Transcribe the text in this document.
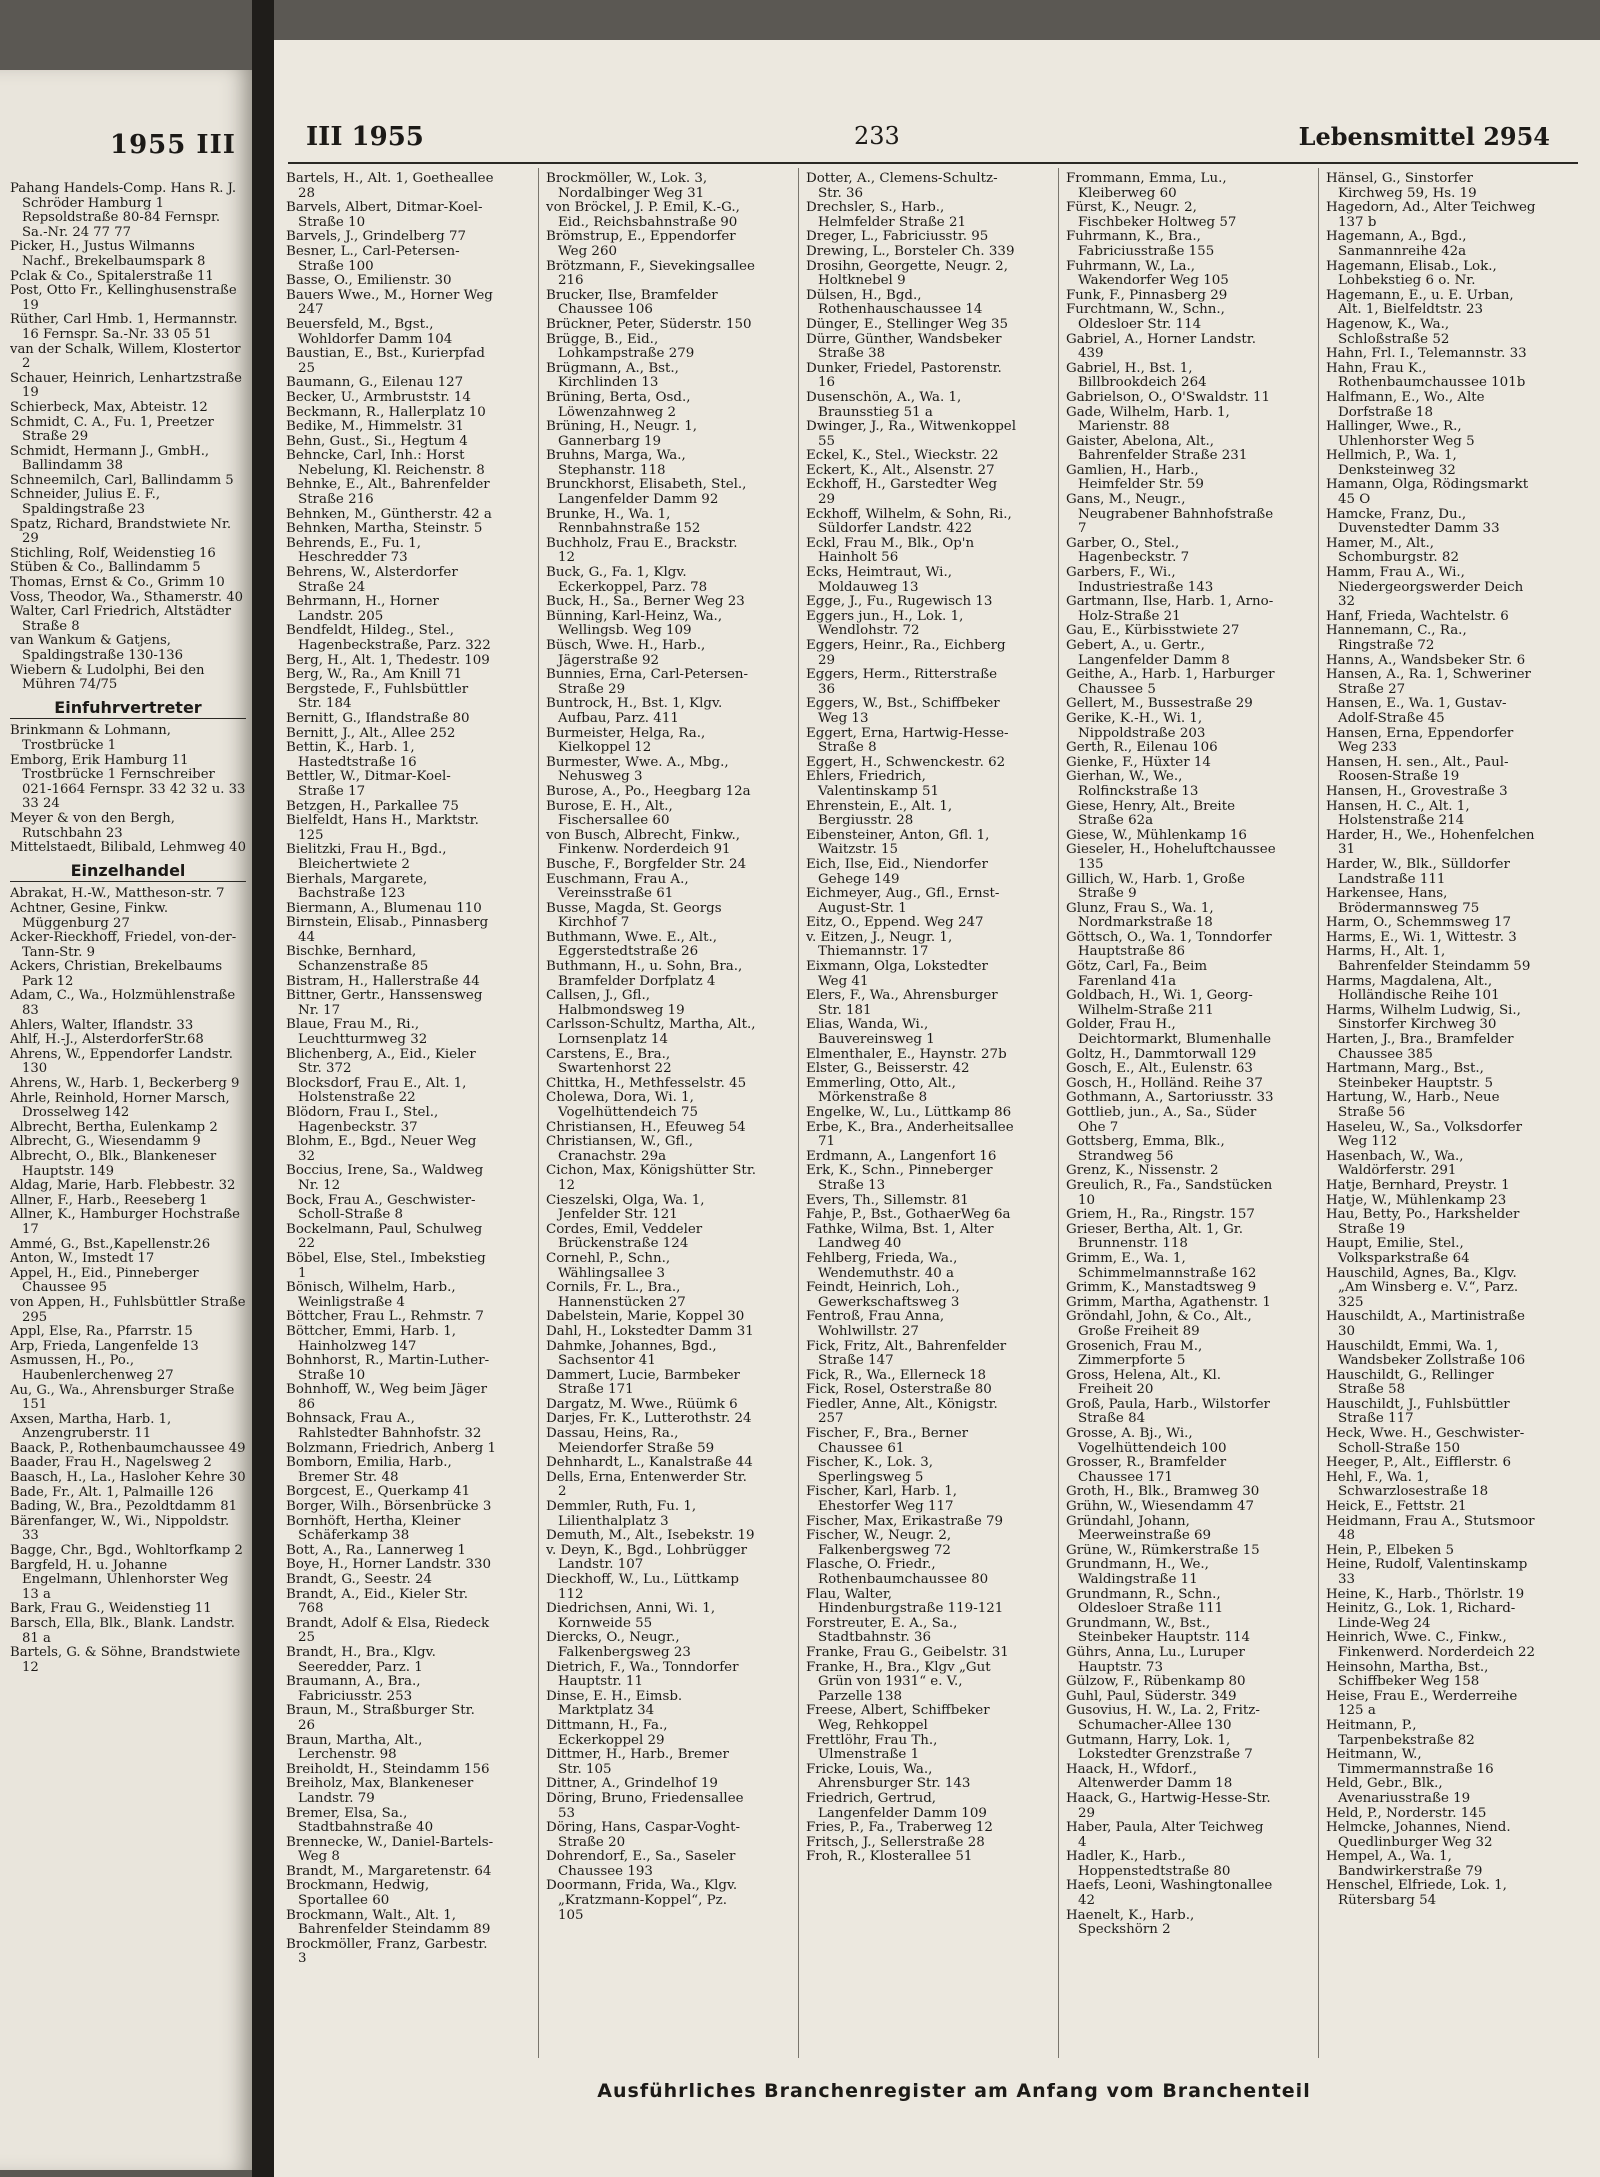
1955 III
Pahang Handels-Comp. Hans R. J. Schröder Hamburg 1 Repsoldstraße 80-84 Fernspr. Sa.-Nr. 24 77 77
Picker, H., Justus Wilmanns Nachf., Brekelbaumspark 8
Pclak & Co., Spitalerstraße 11
Post, Otto Fr., Kellinghusenstraße 19
Rüther, Carl Hmb. 1, Hermannstr. 16 Fernspr. Sa.-Nr. 33 05 51
van der Schalk, Willem, Klostertor 2
Schauer, Heinrich, Lenhartzstraße 19
Schierbeck, Max, Abteistr. 12
Schmidt, C. A., Fu. 1, Preetzer Straße 29
Schmidt, Hermann J., GmbH., Ballindamm 38
Schneemilch, Carl, Ballindamm 5
Schneider, Julius E. F., Spaldingstraße 23
Spatz, Richard, Brandstwiete Nr. 29
Stichling, Rolf, Weidenstieg 16
Stüben & Co., Ballindamm 5
Thomas, Ernst & Co., Grimm 10
Voss, Theodor, Wa., Sthamerstr. 40
Walter, Carl Friedrich, Altstädter Straße 8
van Wankum & Gatjens, Spaldingstraße 130-136
Wiebern & Ludolphi, Bei den Mühren 74/75
Einfuhrvertreter
Brinkmann & Lohmann, Trostbrücke 1
Emborg, Erik Hamburg 11 Trostbrücke 1 Fernschreiber 021-1664 Fernspr. 33 42 32 u. 33 33 24
Meyer & von den Bergh, Rutschbahn 23
Mittelstaedt, Bilibald, Lehmweg 40
Einzelhandel
Abrakat, H.-W., Mattheson-str. 7
Achtner, Gesine, Finkw. Müggenburg 27
Acker-Rieckhoff, Friedel, von-der-Tann-Str. 9
Ackers, Christian, Brekelbaums Park 12
Adam, C., Wa., Holzmühlenstraße 83
Ahlers, Walter, Iflandstr. 33
Ahlf, H.-J., AlsterdorferStr.68
Ahrens, W., Eppendorfer Landstr. 130
Ahrens, W., Harb. 1, Beckerberg 9
Ahrle, Reinhold, Horner Marsch, Drosselweg 142
Albrecht, Bertha, Eulenkamp 2
Albrecht, G., Wiesendamm 9
Albrecht, O., Blk., Blankeneser Hauptstr. 149
Aldag, Marie, Harb. Flebbestr. 32
Allner, F., Harb., Reeseberg 1
Allner, K., Hamburger Hochstraße 17
Ammé, G., Bst.,Kapellenstr.26
Anton, W., Imstedt 17
Appel, H., Eid., Pinneberger Chaussee 95
von Appen, H., Fuhlsbüttler Straße 295
Appl, Else, Ra., Pfarrstr. 15
Arp, Frieda, Langenfelde 13
Asmussen, H., Po., Haubenlerchenweg 27
Au, G., Wa., Ahrensburger Straße 151
Axsen, Martha, Harb. 1, Anzengruberstr. 11
Baack, P., Rothenbaumchaussee 49
Baader, Frau H., Nagelsweg 2
Baasch, H., La., Hasloher Kehre 30
Bade, Fr., Alt. 1, Palmaille 126
Bading, W., Bra., Pezoldtdamm 81
Bärenfanger, W., Wi., Nippoldstr. 33
Bagge, Chr., Bgd., Wohltorfkamp 2
Bargfeld, H. u. Johanne Engelmann, Uhlenhorster Weg 13 a
Bark, Frau G., Weidenstieg 11
Barsch, Ella, Blk., Blank. Landstr. 81 a
Bartels, G. & Söhne, Brandstwiete 12
III 1955	233	Lebensmittel 2954
Bartels, H., Alt. 1, Goetheallee 28
Barvels, Albert, Ditmar-Koel-Straße 10
Barvels, J., Grindelberg 77
Besner, L., Carl-Petersen-Straße 100
Basse, O., Emilienstr. 30
Bauers Wwe., M., Horner Weg 247
Beuersfeld, M., Bgst., Wohldorfer Damm 104
Baustian, E., Bst., Kurierpfad 25
Baumann, G., Eilenau 127
Becker, U., Armbruststr. 14
Beckmann, R., Hallerplatz 10
Bedike, M., Himmelstr. 31
Behn, Gust., Si., Hegtum 4
Behncke, Carl, Inh.: Horst Nebelung, Kl. Reichenstr. 8
Behnke, E., Alt., Bahrenfelder Straße 216
Behnken, M., Güntherstr. 42 a
Behnken, Martha, Steinstr. 5
Behrends, E., Fu. 1, Heschredder 73
Behrens, W., Alsterdorfer Straße 24
Behrmann, H., Horner Landstr. 205
Bendfeldt, Hildeg., Stel., Hagenbeckstraße, Parz. 322
Berg, H., Alt. 1, Thedestr. 109
Berg, W., Ra., Am Knill 71
Bergstede, F., Fuhlsbüttler Str. 184
Bernitt, G., Iflandstraße 80
Bernitt, J., Alt., Allee 252
Bettin, K., Harb. 1, Hastedtstraße 16
Bettler, W., Ditmar-Koel-Straße 17
Betzgen, H., Parkallee 75
Bielfeldt, Hans H., Marktstr. 125
Bielitzki, Frau H., Bgd., Bleichertwiete 2
Bierhals, Margarete, Bachstraße 123
Biermann, A., Blumenau 110
Birnstein, Elisab., Pinnasberg 44
Bischke, Bernhard, Schanzenstraße 85
Bistram, H., Hallerstraße 44
Bittner, Gertr., Hanssensweg Nr. 17
Blaue, Frau M., Ri., Leuchtturmweg 32
Blichenberg, A., Eid., Kieler Str. 372
Blocksdorf, Frau E., Alt. 1, Holstenstraße 22
Blödorn, Frau I., Stel., Hagenbeckstr. 37
Blohm, E., Bgd., Neuer Weg 32
Boccius, Irene, Sa., Waldweg Nr. 12
Bock, Frau A., Geschwister-Scholl-Straße 8
Bockelmann, Paul, Schulweg 22
Böbel, Else, Stel., Imbekstieg 1
Bönisch, Wilhelm, Harb., Weinligstraße 4
Böttcher, Frau L., Rehmstr. 7
Böttcher, Emmi, Harb. 1, Hainholzweg 147
Bohnhorst, R., Martin-Luther-Straße 10
Bohnhoff, W., Weg beim Jäger 86
Bohnsack, Frau A., Rahlstedter Bahnhofstr. 32
Bolzmann, Friedrich, Anberg 1
Bomborn, Emilia, Harb., Bremer Str. 48
Borgcest, E., Querkamp 41
Borger, Wilh., Börsenbrücke 3
Bornhöft, Hertha, Kleiner Schäferkamp 38
Bott, A., Ra., Lannerweg 1
Boye, H., Horner Landstr. 330
Brandt, G., Seestr. 24
Brandt, A., Eid., Kieler Str. 768
Brandt, Adolf & Elsa, Riedeck 25
Brandt, H., Bra., Klgv. Seeredder, Parz. 1
Braumann, A., Bra., Fabriciusstr. 253
Braun, M., Straßburger Str. 26
Braun, Martha, Alt., Lerchenstr. 98
Breiholdt, H., Steindamm 156
Breiholz, Max, Blankeneser Landstr. 79
Bremer, Elsa, Sa., Stadtbahnstraße 40
Brennecke, W., Daniel-Bartels-Weg 8
Brandt, M., Margaretenstr. 64
Brockmann, Hedwig, Sportallee 60
Brockmann, Walt., Alt. 1, Bahrenfelder Steindamm 89
Brockmöller, Franz, Garbestr. 3
Brockmöller, W., Lok. 3, Nordalbinger Weg 31
von Bröckel, J. P. Emil, K.-G., Eid., Reichsbahnstraße 90
Brömstrup, E., Eppendorfer Weg 260
Brötzmann, F., Sievekingsallee 216
Brucker, Ilse, Bramfelder Chaussee 106
Brückner, Peter, Süderstr. 150
Brügge, B., Eid., Lohkampstraße 279
Brügmann, A., Bst., Kirchlinden 13
Brüning, Berta, Osd., Löwenzahnweg 2
Brüning, H., Neugr. 1, Gannerbarg 19
Bruhns, Marga, Wa., Stephanstr. 118
Brunckhorst, Elisabeth, Stel., Langenfelder Damm 92
Brunke, H., Wa. 1, Rennbahnstraße 152
Buchholz, Frau E., Brackstr. 12
Buck, G., Fa. 1, Klgv. Eckerkoppel, Parz. 78
Buck, H., Sa., Berner Weg 23
Bünning, Karl-Heinz, Wa., Wellingsb. Weg 109
Büsch, Wwe. H., Harb., Jägerstraße 92
Bunnies, Erna, Carl-Petersen-Straße 29
Buntrock, H., Bst. 1, Klgv. Aufbau, Parz. 411
Burmeister, Helga, Ra., Kielkoppel 12
Burmester, Wwe. A., Mbg., Nehusweg 3
Burose, A., Po., Heegbarg 12a
Burose, E. H., Alt., Fischersallee 60
von Busch, Albrecht, Finkw., Finkenw. Norderdeich 91
Busche, F., Borgfelder Str. 24
Euschmann, Frau A., Vereinsstraße 61
Busse, Magda, St. Georgs Kirchhof 7
Buthmann, Wwe. E., Alt., Eggerstedtstraße 26
Buthmann, H., u. Sohn, Bra., Bramfelder Dorfplatz 4
Callsen, J., Gfl., Halbmondsweg 19
Carlsson-Schultz, Martha, Alt., Lornsenplatz 14
Carstens, E., Bra., Swartenhorst 22
Chittka, H., Methfesselstr. 45
Cholewa, Dora, Wi. 1, Vogelhüttendeich 75
Christiansen, H., Efeuweg 54
Christiansen, W., Gfl., Cranachstr. 29a
Cichon, Max, Königshütter Str. 12
Cieszelski, Olga, Wa. 1, Jenfelder Str. 121
Cordes, Emil, Veddeler Brückenstraße 124
Cornehl, P., Schn., Wählingsallee 3
Cornils, Fr. L., Bra., Hannenstücken 27
Dabelstein, Marie, Koppel 30
Dahl, H., Lokstedter Damm 31
Dahmke, Johannes, Bgd., Sachsentor 41
Dammert, Lucie, Barmbeker Straße 171
Dargatz, M. Wwe., Rüümk 6
Darjes, Fr. K., Lutterothstr. 24
Dassau, Heins, Ra., Meiendorfer Straße 59
Dehnhardt, L., Kanalstraße 44
Dells, Erna, Entenwerder Str. 2
Demmler, Ruth, Fu. 1, Lilienthalplatz 3
Demuth, M., Alt., Isebekstr. 19
v. Deyn, K., Bgd., Lohbrügger Landstr. 107
Dieckhoff, W., Lu., Lüttkamp 112
Diedrichsen, Anni, Wi. 1, Kornweide 55
Diercks, O., Neugr., Falkenbergsweg 23
Dietrich, F., Wa., Tonndorfer Hauptstr. 11
Dinse, E. H., Eimsb. Marktplatz 34
Dittmann, H., Fa., Eckerkoppel 29
Dittmer, H., Harb., Bremer Str. 105
Dittner, A., Grindelhof 19
Döring, Bruno, Friedensallee 53
Döring, Hans, Caspar-Voght-Straße 20
Dohrendorf, E., Sa., Saseler Chaussee 193
Doormann, Frida, Wa., Klgv. „Kratzmann-Koppel“, Pz. 105
Dotter, A., Clemens-Schultz-Str. 36
Drechsler, S., Harb., Helmfelder Straße 21
Dreger, L., Fabriciusstr. 95
Drewing, L., Borsteler Ch. 339
Drosihn, Georgette, Neugr. 2, Holtknebel 9
Dülsen, H., Bgd., Rothenhauschaussee 14
Dünger, E., Stellinger Weg 35
Dürre, Günther, Wandsbeker Straße 38
Dunker, Friedel, Pastorenstr. 16
Dusenschön, A., Wa. 1, Braunsstieg 51 a
Dwinger, J., Ra., Witwenkoppel 55
Eckel, K., Stel., Wieckstr. 22
Eckert, K., Alt., Alsenstr. 27
Eckhoff, H., Garstedter Weg 29
Eckhoff, Wilhelm, & Sohn, Ri., Süldorfer Landstr. 422
Eckl, Frau M., Blk., Op'n Hainholt 56
Ecks, Heimtraut, Wi., Moldauweg 13
Egge, J., Fu., Rugewisch 13
Eggers jun., H., Lok. 1, Wendlohstr. 72
Eggers, Heinr., Ra., Eichberg 29
Eggers, Herm., Ritterstraße 36
Eggers, W., Bst., Schiffbeker Weg 13
Eggert, Erna, Hartwig-Hesse-Straße 8
Eggert, H., Schwenckestr. 62
Ehlers, Friedrich, Valentinskamp 51
Ehrenstein, E., Alt. 1, Bergiusstr. 28
Eibensteiner, Anton, Gfl. 1, Waitzstr. 15
Eich, Ilse, Eid., Niendorfer Gehege 149
Eichmeyer, Aug., Gfl., Ernst-August-Str. 1
Eitz, O., Eppend. Weg 247
v. Eitzen, J., Neugr. 1, Thiemannstr. 17
Eixmann, Olga, Lokstedter Weg 41
Elers, F., Wa., Ahrensburger Str. 181
Elias, Wanda, Wi., Bauvereinsweg 1
Elmenthaler, E., Haynstr. 27b
Elster, G., Beisserstr. 42
Emmerling, Otto, Alt., Mörkenstraße 8
Engelke, W., Lu., Lüttkamp 86
Erbe, K., Bra., Anderheitsallee 71
Erdmann, A., Langenfort 16
Erk, K., Schn., Pinneberger Straße 13
Evers, Th., Sillemstr. 81
Fahje, P., Bst., GothaerWeg 6a
Fathke, Wilma, Bst. 1, Alter Landweg 40
Fehlberg, Frieda, Wa., Wendemuthstr. 40 a
Feindt, Heinrich, Loh., Gewerkschaftsweg 3
Fentroß, Frau Anna, Wohlwillstr. 27
Fick, Fritz, Alt., Bahrenfelder Straße 147
Fick, R., Wa., Ellerneck 18
Fick, Rosel, Osterstraße 80
Fiedler, Anne, Alt., Königstr. 257
Fischer, F., Bra., Berner Chaussee 61
Fischer, K., Lok. 3, Sperlingsweg 5
Fischer, Karl, Harb. 1, Ehestorfer Weg 117
Fischer, Max, Erikastraße 79
Fischer, W., Neugr. 2, Falkenbergsweg 72
Flasche, O. Friedr., Rothenbaumchaussee 80
Flau, Walter, Hindenburgstraße 119-121
Forstreuter, E. A., Sa., Stadtbahnstr. 36
Franke, Frau G., Geibelstr. 31
Franke, H., Bra., Klgv „Gut Grün von 1931“ e. V., Parzelle 138
Freese, Albert, Schiffbeker Weg, Rehkoppel
Frettlöhr, Frau Th., Ulmenstraße 1
Fricke, Louis, Wa., Ahrensburger Str. 143
Friedrich, Gertrud, Langenfelder Damm 109
Fries, P., Fa., Traberweg 12
Fritsch, J., Sellerstraße 28
Froh, R., Klosterallee 51
Frommann, Emma, Lu., Kleiberweg 60
Fürst, K., Neugr. 2, Fischbeker Holtweg 57
Fuhrmann, K., Bra., Fabriciusstraße 155
Fuhrmann, W., La., Wakendorfer Weg 105
Funk, F., Pinnasberg 29
Furchtmann, W., Schn., Oldesloer Str. 114
Gabriel, A., Horner Landstr. 439
Gabriel, H., Bst. 1, Billbrookdeich 264
Gabrielson, O., O'Swaldstr. 11
Gade, Wilhelm, Harb. 1, Marienstr. 88
Gaister, Abelona, Alt., Bahrenfelder Straße 231
Gamlien, H., Harb., Heimfelder Str. 59
Gans, M., Neugr., Neugrabener Bahnhofstraße 7
Garber, O., Stel., Hagenbeckstr. 7
Garbers, F., Wi., Industriestraße 143
Gartmann, Ilse, Harb. 1, Arno-Holz-Straße 21
Gau, E., Kürbisstwiete 27
Gebert, A., u. Gertr., Langenfelder Damm 8
Geithe, A., Harb. 1, Harburger Chaussee 5
Gellert, M., Bussestraße 29
Gerike, K.-H., Wi. 1, Nippoldstraße 203
Gerth, R., Eilenau 106
Gienke, F., Hüxter 14
Gierhan, W., We., Rolfinckstraße 13
Giese, Henry, Alt., Breite Straße 62a
Giese, W., Mühlenkamp 16
Gieseler, H., Hoheluftchaussee 135
Gillich, W., Harb. 1, Große Straße 9
Glunz, Frau S., Wa. 1, Nordmarkstraße 18
Göttsch, O., Wa. 1, Tonndorfer Hauptstraße 86
Götz, Carl, Fa., Beim Farenland 41a
Goldbach, H., Wi. 1, Georg-Wilhelm-Straße 211
Golder, Frau H., Deichtormarkt, Blumenhalle
Goltz, H., Dammtorwall 129
Gosch, E., Alt., Eulenstr. 63
Gosch, H., Holländ. Reihe 37
Gothmann, A., Sartoriusstr. 33
Gottlieb, jun., A., Sa., Süder Ohe 7
Gottsberg, Emma, Blk., Strandweg 56
Grenz, K., Nissenstr. 2
Greulich, R., Fa., Sandstücken 10
Griem, H., Ra., Ringstr. 157
Grieser, Bertha, Alt. 1, Gr. Brunnenstr. 118
Grimm, E., Wa. 1, Schimmelmannstraße 162
Grimm, K., Manstadtsweg 9
Grimm, Martha, Agathenstr. 1
Gröndahl, John, & Co., Alt., Große Freiheit 89
Grosenich, Frau M., Zimmerpforte 5
Gross, Helena, Alt., Kl. Freiheit 20
Groß, Paula, Harb., Wilstorfer Straße 84
Grosse, A. Bj., Wi., Vogelhüttendeich 100
Grosser, R., Bramfelder Chaussee 171
Groth, H., Blk., Bramweg 30
Grühn, W., Wiesendamm 47
Gründahl, Johann, Meerweinstraße 69
Grüne, W., Rümkerstraße 15
Grundmann, H., We., Waldingstraße 11
Grundmann, R., Schn., Oldesloer Straße 111
Grundmann, W., Bst., Steinbeker Hauptstr. 114
Gührs, Anna, Lu., Luruper Hauptstr. 73
Gülzow, F., Rübenkamp 80
Guhl, Paul, Süderstr. 349
Gusovius, H. W., La. 2, Fritz-Schumacher-Allee 130
Gutmann, Harry, Lok. 1, Lokstedter Grenzstraße 7
Haack, H., Wfdorf., Altenwerder Damm 18
Haack, G., Hartwig-Hesse-Str. 29
Haber, Paula, Alter Teichweg 4
Hadler, K., Harb., Hoppenstedtstraße 80
Haefs, Leoni, Washingtonallee 42
Haenelt, K., Harb., Speckshörn 2
Hänsel, G., Sinstorfer Kirchweg 59, Hs. 19
Hagedorn, Ad., Alter Teichweg 137 b
Hagemann, A., Bgd., Sanmannreihe 42a
Hagemann, Elisab., Lok., Lohbekstieg 6 o. Nr.
Hagemann, E., u. E. Urban, Alt. 1, Bielfeldtstr. 23
Hagenow, K., Wa., Schloßstraße 52
Hahn, Frl. I., Telemannstr. 33
Hahn, Frau K., Rothenbaumchaussee 101b
Halfmann, E., Wo., Alte Dorfstraße 18
Hallinger, Wwe., R., Uhlenhorster Weg 5
Hellmich, P., Wa. 1, Denksteinweg 32
Hamann, Olga, Rödingsmarkt 45 O
Hamcke, Franz, Du., Duvenstedter Damm 33
Hamer, M., Alt., Schomburgstr. 82
Hamm, Frau A., Wi., Niedergeorgswerder Deich 32
Hanf, Frieda, Wachtelstr. 6
Hannemann, C., Ra., Ringstraße 72
Hanns, A., Wandsbeker Str. 6
Hansen, A., Ra. 1, Schweriner Straße 27
Hansen, E., Wa. 1, Gustav-Adolf-Straße 45
Hansen, Erna, Eppendorfer Weg 233
Hansen, H. sen., Alt., Paul-Roosen-Straße 19
Hansen, H., Grovestraße 3
Hansen, H. C., Alt. 1, Holstenstraße 214
Harder, H., We., Hohenfelchen 31
Harder, W., Blk., Sülldorfer Landstraße 111
Harkensee, Hans, Brödermannsweg 75
Harm, O., Schemmsweg 17
Harms, E., Wi. 1, Wittestr. 3
Harms, H., Alt. 1, Bahrenfelder Steindamm 59
Harms, Magdalena, Alt., Holländische Reihe 101
Harms, Wilhelm Ludwig, Si., Sinstorfer Kirchweg 30
Harten, J., Bra., Bramfelder Chaussee 385
Hartmann, Marg., Bst., Steinbeker Hauptstr. 5
Hartung, W., Harb., Neue Straße 56
Haseleu, W., Sa., Volksdorfer Weg 112
Hasenbach, W., Wa., Waldörferstr. 291
Hatje, Bernhard, Preystr. 1
Hatje, W., Mühlenkamp 23
Hau, Betty, Po., Harkshelder Straße 19
Haupt, Emilie, Stel., Volksparkstraße 64
Hauschild, Agnes, Ba., Klgv. „Am Winsberg e. V.“, Parz. 325
Hauschildt, A., Martinistraße 30
Hauschildt, Emmi, Wa. 1, Wandsbeker Zollstraße 106
Hauschildt, G., Rellinger Straße 58
Hauschildt, J., Fuhlsbüttler Straße 117
Heck, Wwe. H., Geschwister-Scholl-Straße 150
Heeger, P., Alt., Eifflerstr. 6
Hehl, F., Wa. 1, Schwarzlosestraße 18
Heick, E., Fettstr. 21
Heidmann, Frau A., Stutsmoor 48
Hein, P., Elbeken 5
Heine, Rudolf, Valentinskamp 33
Heine, K., Harb., Thörlstr. 19
Heinitz, G., Lok. 1, Richard-Linde-Weg 24
Heinrich, Wwe. C., Finkw., Finkenwerd. Norderdeich 22
Heinsohn, Martha, Bst., Schiffbeker Weg 158
Heise, Frau E., Werderreihe 125 a
Heitmann, P., Tarpenbekstraße 82
Heitmann, W., Timmermannstraße 16
Held, Gebr., Blk., Avenariusstraße 19
Held, P., Norderstr. 145
Helmcke, Johannes, Niend. Quedlinburger Weg 32
Hempel, A., Wa. 1, Bandwirkerstraße 79
Henschel, Elfriede, Lok. 1, Rütersbarg 54
Ausführliches Branchenregister am Anfang vom Branchenteil
